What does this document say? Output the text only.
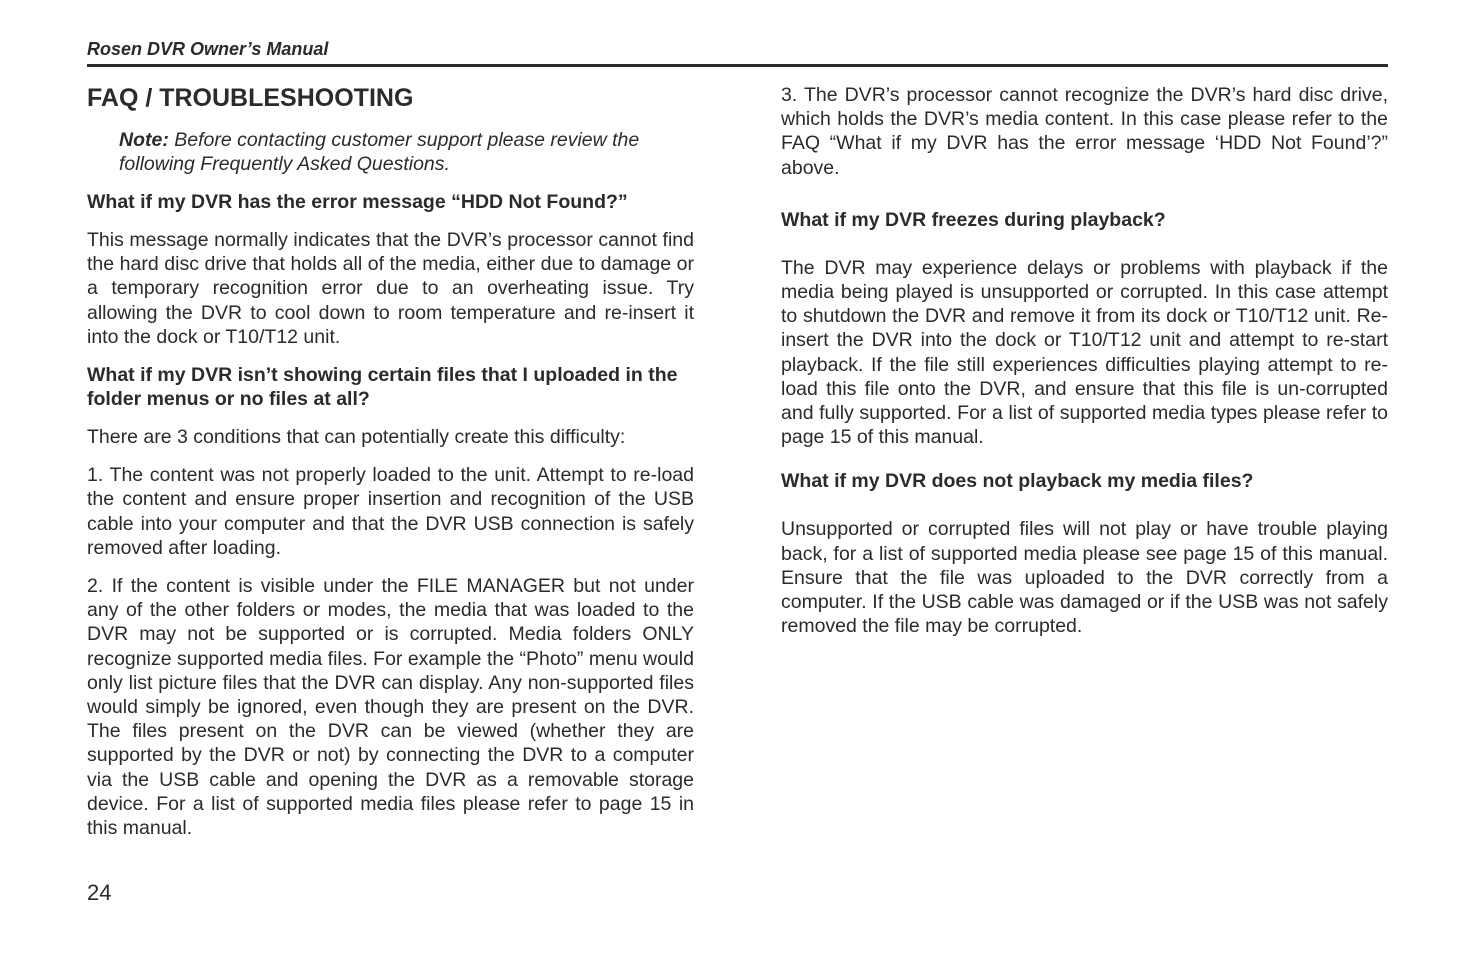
Rosen DVR Owner’s Manual
FAQ / TROUBLESHOOTING
Note: Before contacting customer support please review the following Frequently Asked Questions.
What if my DVR has the error message “HDD Not Found?”
This message normally indicates that the DVR’s processor cannot find the hard disc drive that holds all of the media, either due to damage or a temporary recognition error due to an overheating issue. Try allowing the DVR to cool down to room temperature and re-insert it into the dock or T10/T12 unit.
What if my DVR isn’t showing certain files that I uploaded in the folder menus or no files at all?
There are 3 conditions that can potentially create this difficulty:
1. The content was not properly loaded to the unit. Attempt to re-load the content and ensure proper insertion and recognition of the USB cable into your computer and that the DVR USB connection is safely removed after loading.
2. If the content is visible under the FILE MANAGER but not under any of the other folders or modes, the media that was loaded to the DVR may not be supported or is corrupted. Media folders ONLY recognize supported media files. For example the “Photo” menu would only list picture files that the DVR can display. Any non-supported files would simply be ignored, even though they are present on the DVR. The files present on the DVR can be viewed (whether they are supported by the DVR or not) by connecting the DVR to a computer via the USB cable and opening the DVR as a removable storage device. For a list of supported media files please refer to page 15 in this manual.
3. The DVR’s processor cannot recognize the DVR’s hard disc drive, which holds the DVR’s media content. In this case please refer to the FAQ “What if my DVR has the error message ‘HDD Not Found’?” above.
What if my DVR freezes during playback?
The DVR may experience delays or problems with playback if the media being played is unsupported or corrupted. In this case attempt to shutdown the DVR and remove it from its dock or T10/T12 unit. Re-insert the DVR into the dock or T10/T12 unit and attempt to re-start playback. If the file still experiences difficulties playing attempt to re-load this file onto the DVR, and ensure that this file is un-corrupted and fully supported. For a list of supported media types please refer to page 15 of this manual.
What if my DVR does not playback my media files?
Unsupported or corrupted files will not play or have trouble playing back, for a list of supported media please see page 15 of this manual. Ensure that the file was uploaded to the DVR correctly from a computer. If the USB cable was damaged or if the USB was not safely removed the file may be corrupted.
24
